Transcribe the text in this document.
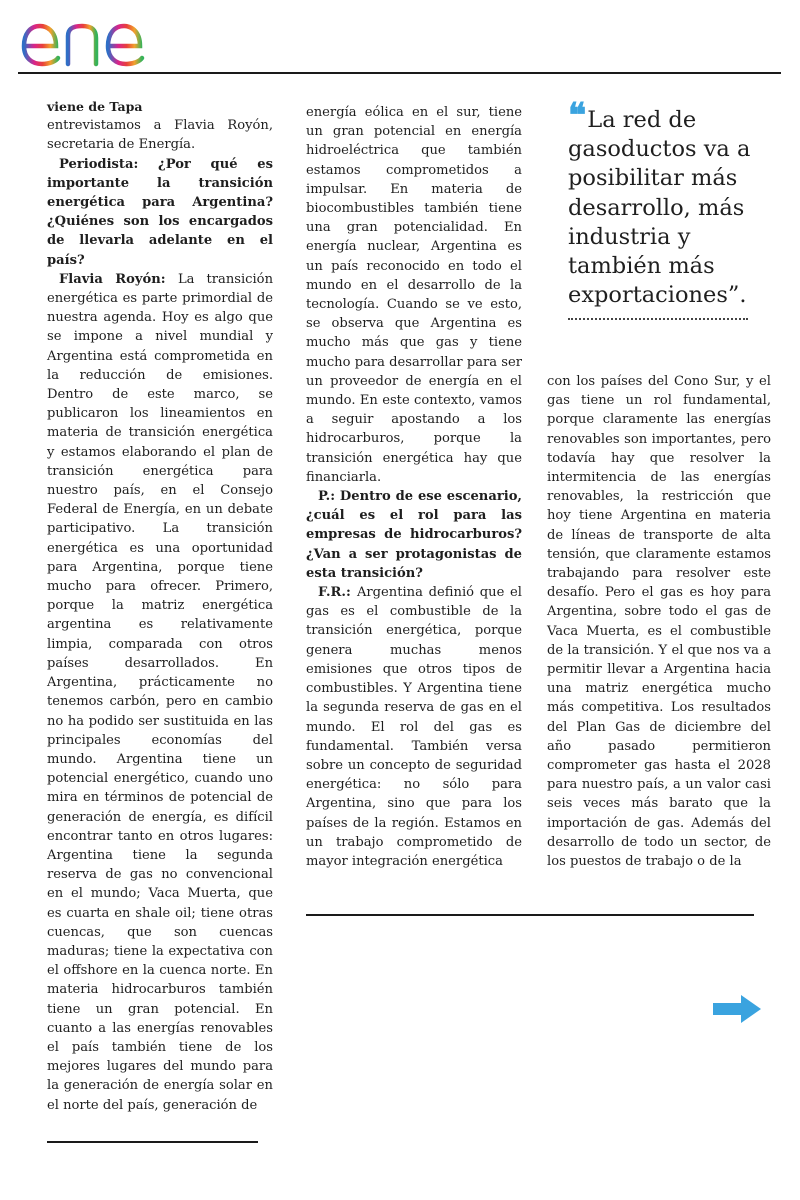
enel

viene de Tapa

entrevistamos a Flavia Royón, secretaria de Energía.

Periodista: ¿Por qué es importante la transición energética para Argentina? ¿Quiénes son los encargados de llevarla adelante en el país?

Flavia Royón: La transición energética es parte primordial de nuestra agenda. Hoy es algo que se impone a nivel mundial y Argentina está comprometida en la reducción de emisiones. Dentro de este marco, se publicaron los lineamientos en materia de transición energética y estamos elaborando el plan de transición energética para nuestro país, en el Consejo Federal de Energía, en un debate participativo. La transición energética es una oportunidad para Argentina, porque tiene mucho para ofrecer. Primero, porque la matriz energética argentina es relativamente limpia, comparada con otros países desarrollados. En Argentina, prácticamente no tenemos carbón, pero en cambio no ha podido ser sustituida en las principales economías del mundo. Argentina tiene un potencial energético, cuando uno mira en términos de potencial de generación de energía, es difícil encontrar tanto en otros lugares: Argentina tiene la segunda reserva de gas no convencional en el mundo; Vaca Muerta, que es cuarta en shale oil; tiene otras cuencas, que son cuencas maduras; tiene la expectativa con el offshore en la cuenca norte. En materia hidrocarburos también tiene un gran potencial. En cuanto a las energías renovables el país también tiene de los mejores lugares del mundo para la generación de energía solar en el norte del país, generación de

energía eólica en el sur, tiene un gran potencial en energía hidroeléctrica que también estamos comprometidos a impulsar. En materia de biocombustibles también tiene una gran potencialidad. En energía nuclear, Argentina es un país reconocido en todo el mundo en el desarrollo de la tecnología. Cuando se ve esto, se observa que Argentina es mucho más que gas y tiene mucho para desarrollar para ser un proveedor de energía en el mundo. En este contexto, vamos a seguir apostando a los hidrocarburos, porque la transición energética hay que financiarla.

P.: Dentro de ese escenario, ¿cuál es el rol para las empresas de hidrocarburos? ¿Van a ser protagonistas de esta transición?

F.R.: Argentina definió que el gas es el combustible de la transición energética, porque genera muchas menos emisiones que otros tipos de combustibles. Y Argentina tiene la segunda reserva de gas en el mundo. El rol del gas es fundamental. También versa sobre un concepto de seguridad energética: no sólo para Argentina, sino que para los países de la región. Estamos en un trabajo comprometido de mayor integración energética

❝ La red de gasoductos va a posibilitar más desarrollo, más industria y también más exportaciones”.

con los países del Cono Sur, y el gas tiene un rol fundamental, porque claramente las energías renovables son importantes, pero todavía hay que resolver la intermitencia de las energías renovables, la restricción que hoy tiene Argentina en materia de líneas de transporte de alta tensión, que claramente estamos trabajando para resolver este desafío. Pero el gas es hoy para Argentina, sobre todo el gas de Vaca Muerta, es el combustible de la transición. Y el que nos va a permitir llevar a Argentina hacia una matriz energética mucho más competitiva. Los resultados del Plan Gas de diciembre del año pasado permitieron comprometer gas hasta el 2028 para nuestro país, a un valor casi seis veces más barato que la importación de gas. Además del desarrollo de todo un sector, de los puestos de trabajo o de la
